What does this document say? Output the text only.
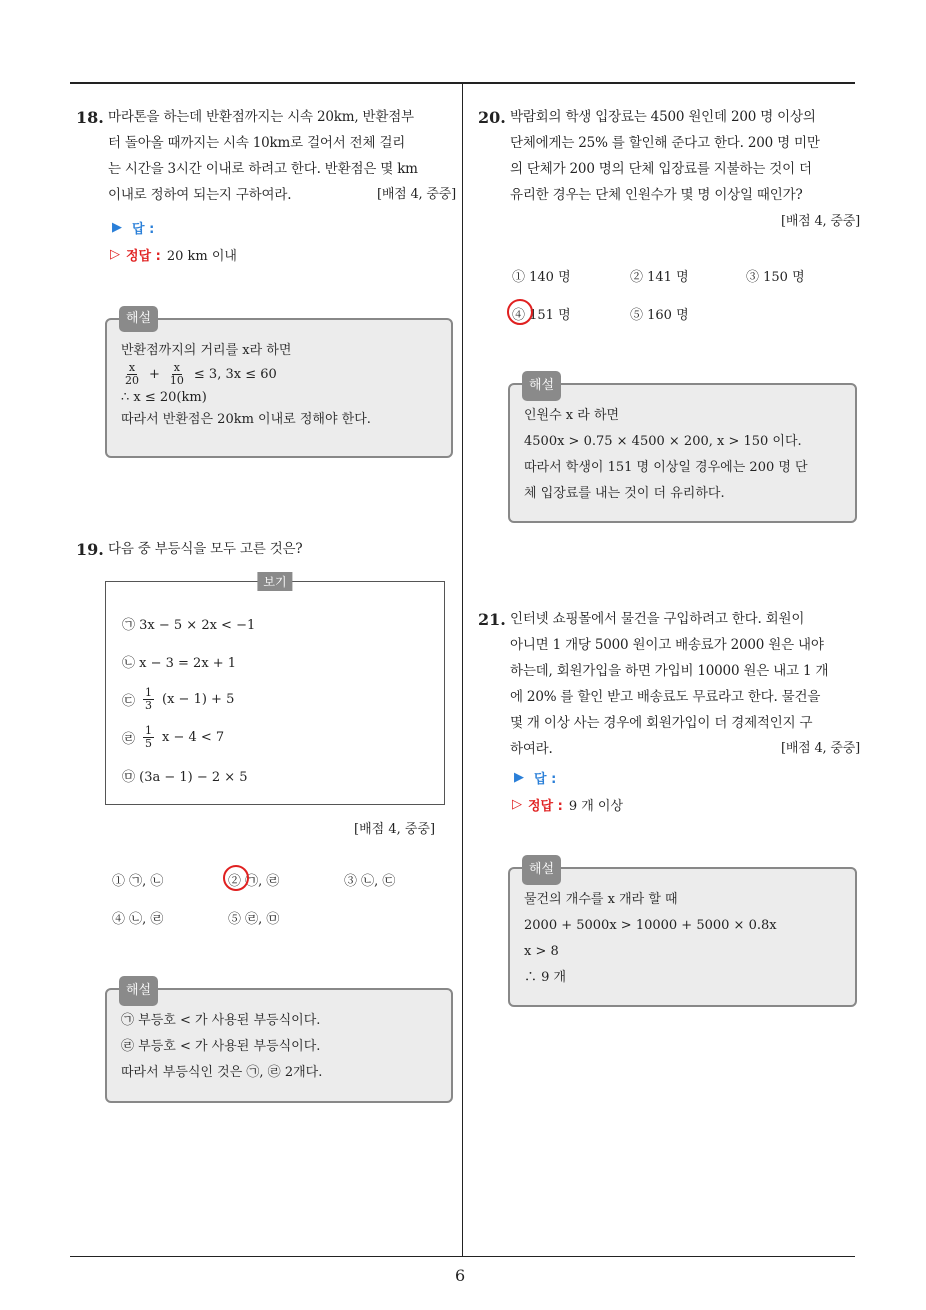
6
18. 마라톤을 하는데 반환점까지는 시속 20km, 반환점부
터 돌아올 때까지는 시속 10km로 걸어서 전체 걸리
는 시간을 3시간 이내로 하려고 한다. 반환점은 몇 km
이내로 정하여 되는지 구하여라.	[배점 4, 중중]
▶ 답 :
▷ 정답 : 20 km 이내
해설
반환점까지의 거리를 x라 하면
$\frac{x}{20} + \frac{x}{10} \le 3$, 3x ≤ 60
∴ x ≤ 20(km)
따라서 반환점은 20km 이내로 정해야 한다.
19. 다음 중 부등식을 모두 고른 것은?
보기
㉠ 3x − 5 × 2x < −1
㉡ x − 3 = 2x + 1
㉢ $\frac{1}{3} (x - 1) + 5$
㉣ $\frac{1}{5}$ x − 4 < 7
㉤ (3a − 1) − 2 × 5
[배점 4, 중중]
① ㉠, ㉡	② ㉠, ㉣	③ ㉡, ㉢
④ ㉡, ㉣	⑤ ㉣, ㉤
해설
㉠ 부등호 < 가 사용된 부등식이다.
㉣ 부등호 < 가 사용된 부등식이다.
따라서 부등식인 것은 ㉠, ㉣ 2개다.
20. 박람회의 학생 입장료는 4500 원인데 200 명 이상의
단체에게는 25% 를 할인해 준다고 한다. 200 명 미만
의 단체가 200 명의 단체 입장료를 지불하는 것이 더
유리한 경우는 단체 인원수가 몇 명 이상일 때인가?
[배점 4, 중중]
① 140 명	② 141 명	③ 150 명
④ 151 명	⑤ 160 명
해설
인원수 x 라 하면
4500x > 0.75 × 4500 × 200, x > 150 이다.
따라서 학생이 151 명 이상일 경우에는 200 명 단
체 입장료를 내는 것이 더 유리하다.
21. 인터넷 쇼핑몰에서 물건을 구입하려고 한다. 회원이
아니면 1 개당 5000 원이고 배송료가 2000 원은 내야
하는데, 회원가입을 하면 가입비 10000 원은 내고 1 개
에 20% 를 할인 받고 배송료도 무료라고 한다. 물건을
몇 개 이상 사는 경우에 회원가입이 더 경제적인지 구
하여라.	[배점 4, 중중]
▶ 답 :
▷ 정답 : 9 개 이상
해설
물건의 개수를 x 개라 할 때
2000 + 5000x > 10000 + 5000 × 0.8x
x > 8
∴ 9 개
